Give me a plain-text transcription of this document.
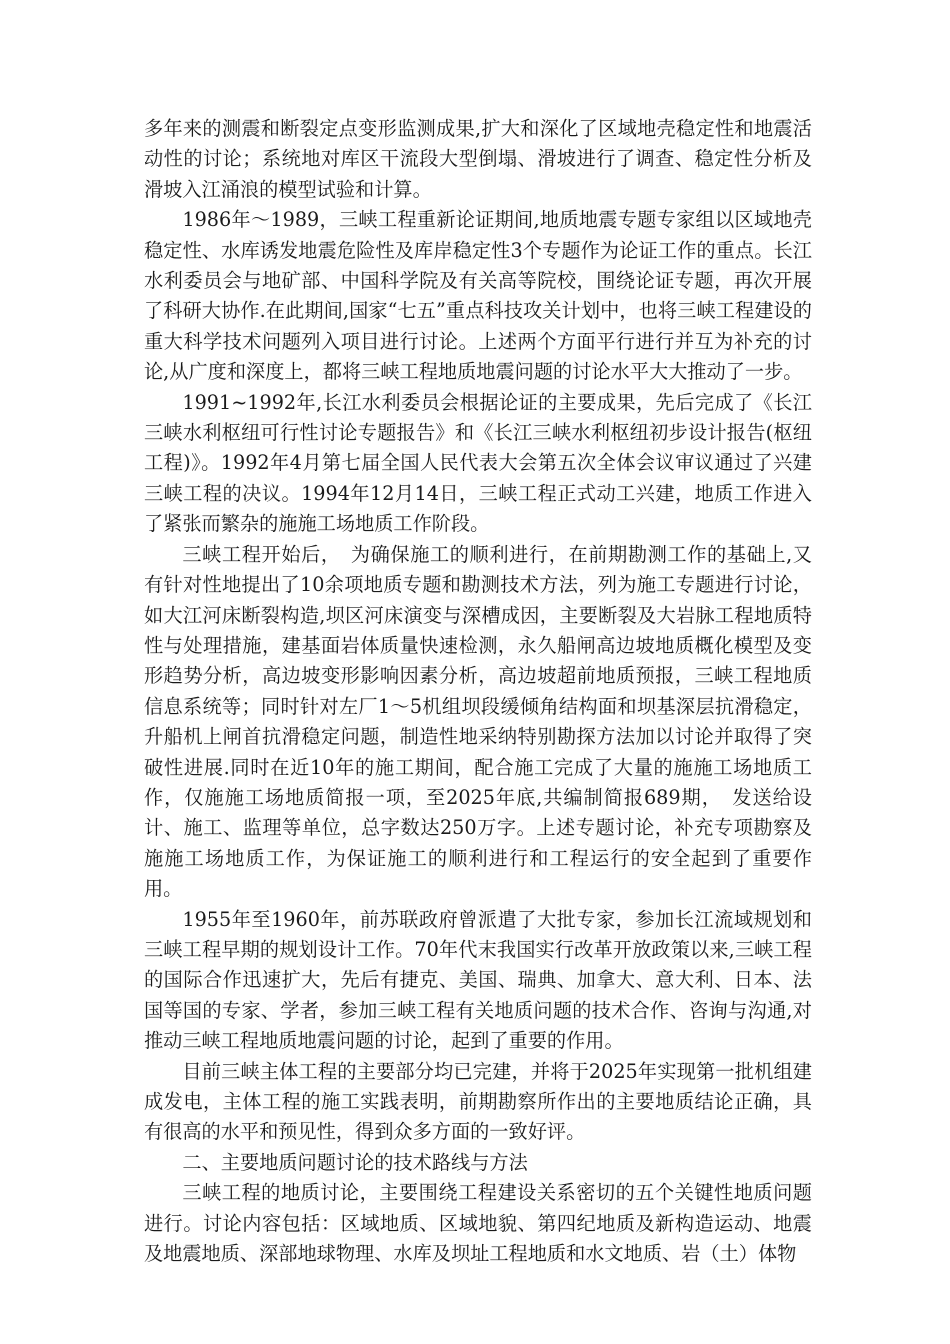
多年来的测震和断裂定点变形监测成果,扩大和深化了区域地壳稳定性和地震活动性的讨论；系统地对库区干流段大型倒塌、滑坡进行了调查、稳定性分析及滑坡入江涌浪的模型试验和计算。

1986年～1989，三峡工程重新论证期间,地质地震专题专家组以区域地壳稳定性、水库诱发地震危险性及库岸稳定性3个专题作为论证工作的重点。长江水利委员会与地矿部、中国科学院及有关高等院校，围绕论证专题，再次开展了科研大协作.在此期间,国家“七五”重点科技攻关计划中，也将三峡工程建设的重大科学技术问题列入项目进行讨论。上述两个方面平行进行并互为补充的讨论,从广度和深度上，都将三峡工程地质地震问题的讨论水平大大推动了一步。

1991~1992年,长江水利委员会根据论证的主要成果，先后完成了《长江三峡水利枢纽可行性讨论专题报告》和《长江三峡水利枢纽初步设计报告(枢纽工程)》。1992年4月第七届全国人民代表大会第五次全体会议审议通过了兴建三峡工程的决议。1994年12月14日，三峡工程正式动工兴建，地质工作进入了紧张而繁杂的施施工场地质工作阶段。

三峡工程开始后，　为确保施工的顺利进行，在前期勘测工作的基础上,又有针对性地提出了10余项地质专题和勘测技术方法，列为施工专题进行讨论，如大江河床断裂构造,坝区河床演变与深槽成因，主要断裂及大岩脉工程地质特性与处理措施，建基面岩体质量快速检测，永久船闸高边坡地质概化模型及变形趋势分析，高边坡变形影响因素分析，高边坡超前地质预报，三峡工程地质信息系统等；同时针对左厂1～5机组坝段缓倾角结构面和坝基深层抗滑稳定，升船机上闸首抗滑稳定问题，制造性地采纳特别勘探方法加以讨论并取得了突破性进展.同时在近10年的施工期间，配合施工完成了大量的施施工场地质工作，仅施施工场地质简报一项，至2025年底,共编制简报689期，　发送给设计、施工、监理等单位，总字数达250万字。上述专题讨论，补充专项勘察及施施工场地质工作，为保证施工的顺利进行和工程运行的安全起到了重要作用。

1955年至1960年，前苏联政府曾派遣了大批专家，参加长江流域规划和三峡工程早期的规划设计工作。70年代末我国实行改革开放政策以来,三峡工程的国际合作迅速扩大，先后有捷克、美国、瑞典、加拿大、意大利、日本、法国等国的专家、学者，参加三峡工程有关地质问题的技术合作、咨询与沟通,对推动三峡工程地质地震问题的讨论，起到了重要的作用。

目前三峡主体工程的主要部分均已完建，并将于2025年实现第一批机组建成发电，主体工程的施工实践表明，前期勘察所作出的主要地质结论正确，具有很高的水平和预见性，得到众多方面的一致好评。

二、主要地质问题讨论的技术路线与方法

三峡工程的地质讨论，主要围绕工程建设关系密切的五个关键性地质问题进行。讨论内容包括：区域地质、区域地貌、第四纪地质及新构造运动、地震及地震地质、深部地球物理、水库及坝址工程地质和水文地质、岩（土）体物
